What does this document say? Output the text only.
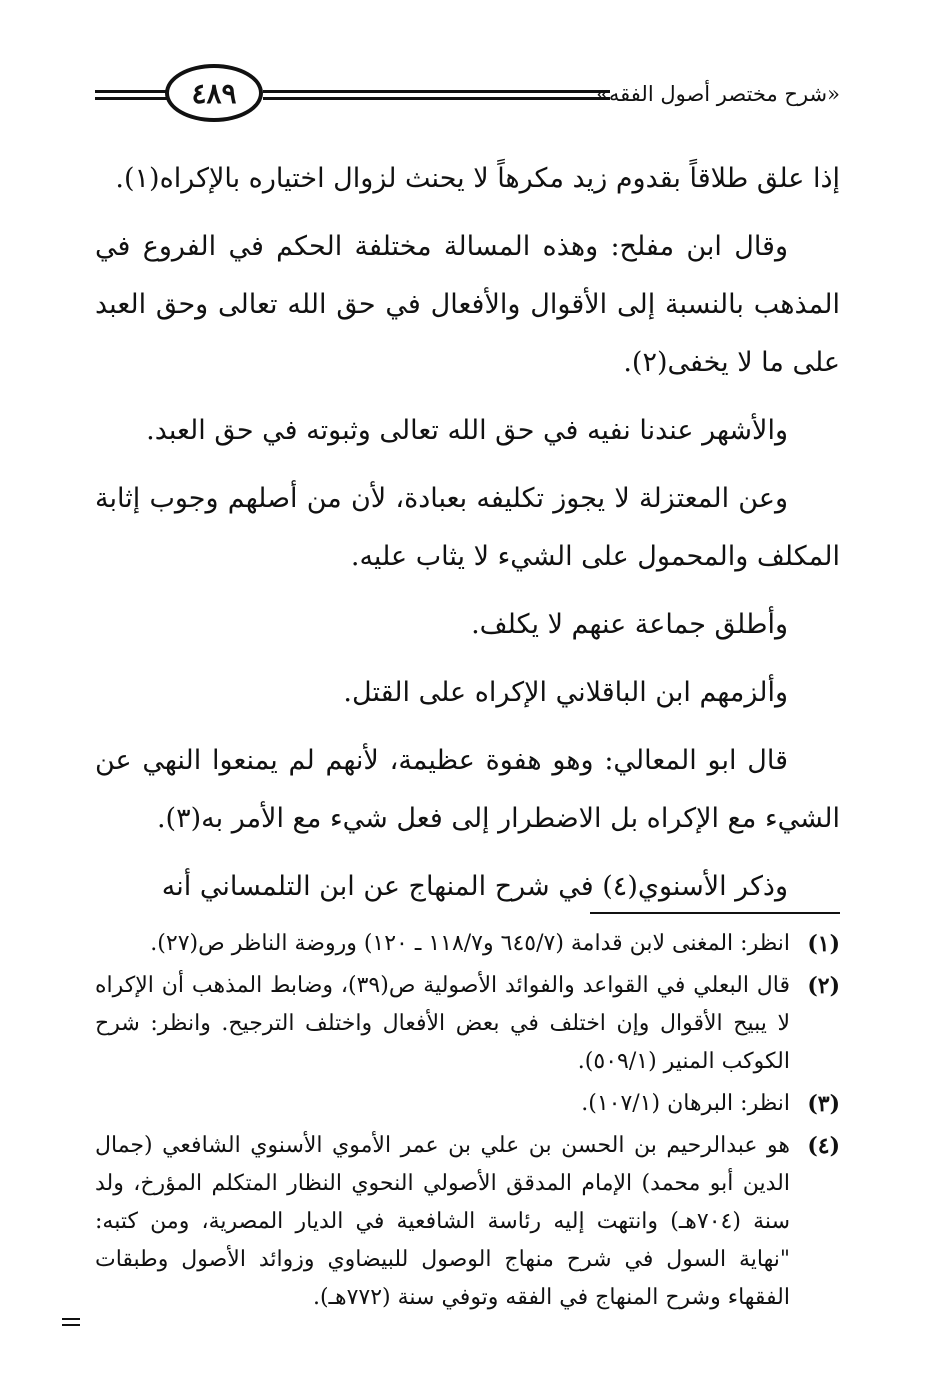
٤٨٩	«شرح مختصر أصول الفقه»

إذا علق طلاقاً بقدوم زيد مكرهاً لا يحنث لزوال اختياره بالإكراه(١).

وقال ابن مفلح: وهذه المسالة مختلفة الحكم في الفروع في المذهب بالنسبة إلى الأقوال والأفعال في حق الله تعالى وحق العبد على ما لا يخفى(٢).

والأشهر عندنا نفيه في حق الله تعالى وثبوته في حق العبد.

وعن المعتزلة لا يجوز تكليفه بعبادة، لأن من أصلهم وجوب إثابة المكلف والمحمول على الشيء لا يثاب عليه.

وأطلق جماعة عنهم لا يكلف.

وألزمهم ابن الباقلاني الإكراه على القتل.

قال ابو المعالي: وهو هفوة عظيمة، لأنهم لم يمنعوا النهي عن الشيء مع الإكراه بل الاضطرار إلى فعل شيء مع الأمر به(٣).

وذكر الأسنوي(٤) في شرح المنهاج عن ابن التلمساني أنه

(١)
انظر: المغنى لابن قدامة (٦٤٥/٧ و١١٨/٧ ـ ١٢٠) وروضة الناظر ص(٢٧).
(٢)
قال البعلي في القواعد والفوائد الأصولية ص(٣٩)، وضابط المذهب أن الإكراه لا يبيح الأقوال وإن اختلف في بعض الأفعال واختلف الترجيح. وانظر: شرح الكوكب المنير (٥٠٩/١).
(٣)
انظر: البرهان (١٠٧/١).
(٤)
هو عبدالرحيم بن الحسن بن علي بن عمر الأموي الأسنوي الشافعي (جمال الدين أبو محمد) الإمام المدقق الأصولي النحوي النظار المتكلم المؤرخ، ولد سنة (٧٠٤هـ) وانتهت إليه رئاسة الشافعية في الديار المصرية، ومن كتبه: "نهاية السول في شرح منهاج الوصول للبيضاوي وزوائد الأصول وطبقات الفقهاء وشرح المنهاج في الفقه وتوفي سنة (٧٧٢هـ).
